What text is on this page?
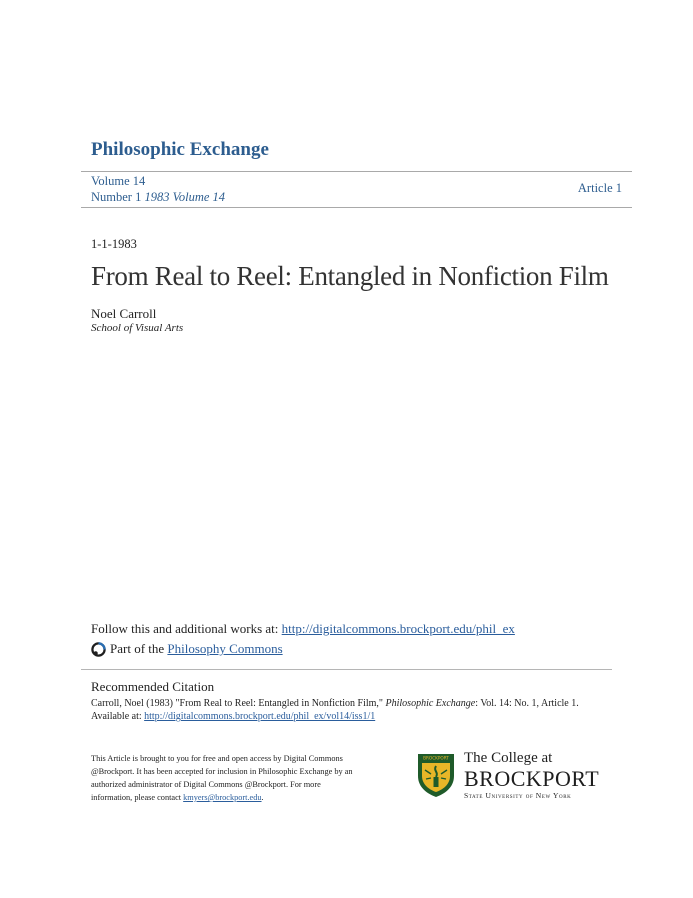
Philosophic Exchange
Volume 14
Number 1 1983 Volume 14
Article 1
1-1-1983
From Real to Reel: Entangled in Nonfiction Film
Noel Carroll
School of Visual Arts
Follow this and additional works at: http://digitalcommons.brockport.edu/phil_ex
Part of the Philosophy Commons
Recommended Citation
Carroll, Noel (1983) "From Real to Reel: Entangled in Nonfiction Film," Philosophic Exchange: Vol. 14: No. 1, Article 1.
Available at: http://digitalcommons.brockport.edu/phil_ex/vol14/iss1/1
This Article is brought to you for free and open access by Digital Commons @Brockport. It has been accepted for inclusion in Philosophic Exchange by an authorized administrator of Digital Commons @Brockport. For more information, please contact kmyers@brockport.edu.
BROCKPORT The College at
BROCKPORT
State University of New York
